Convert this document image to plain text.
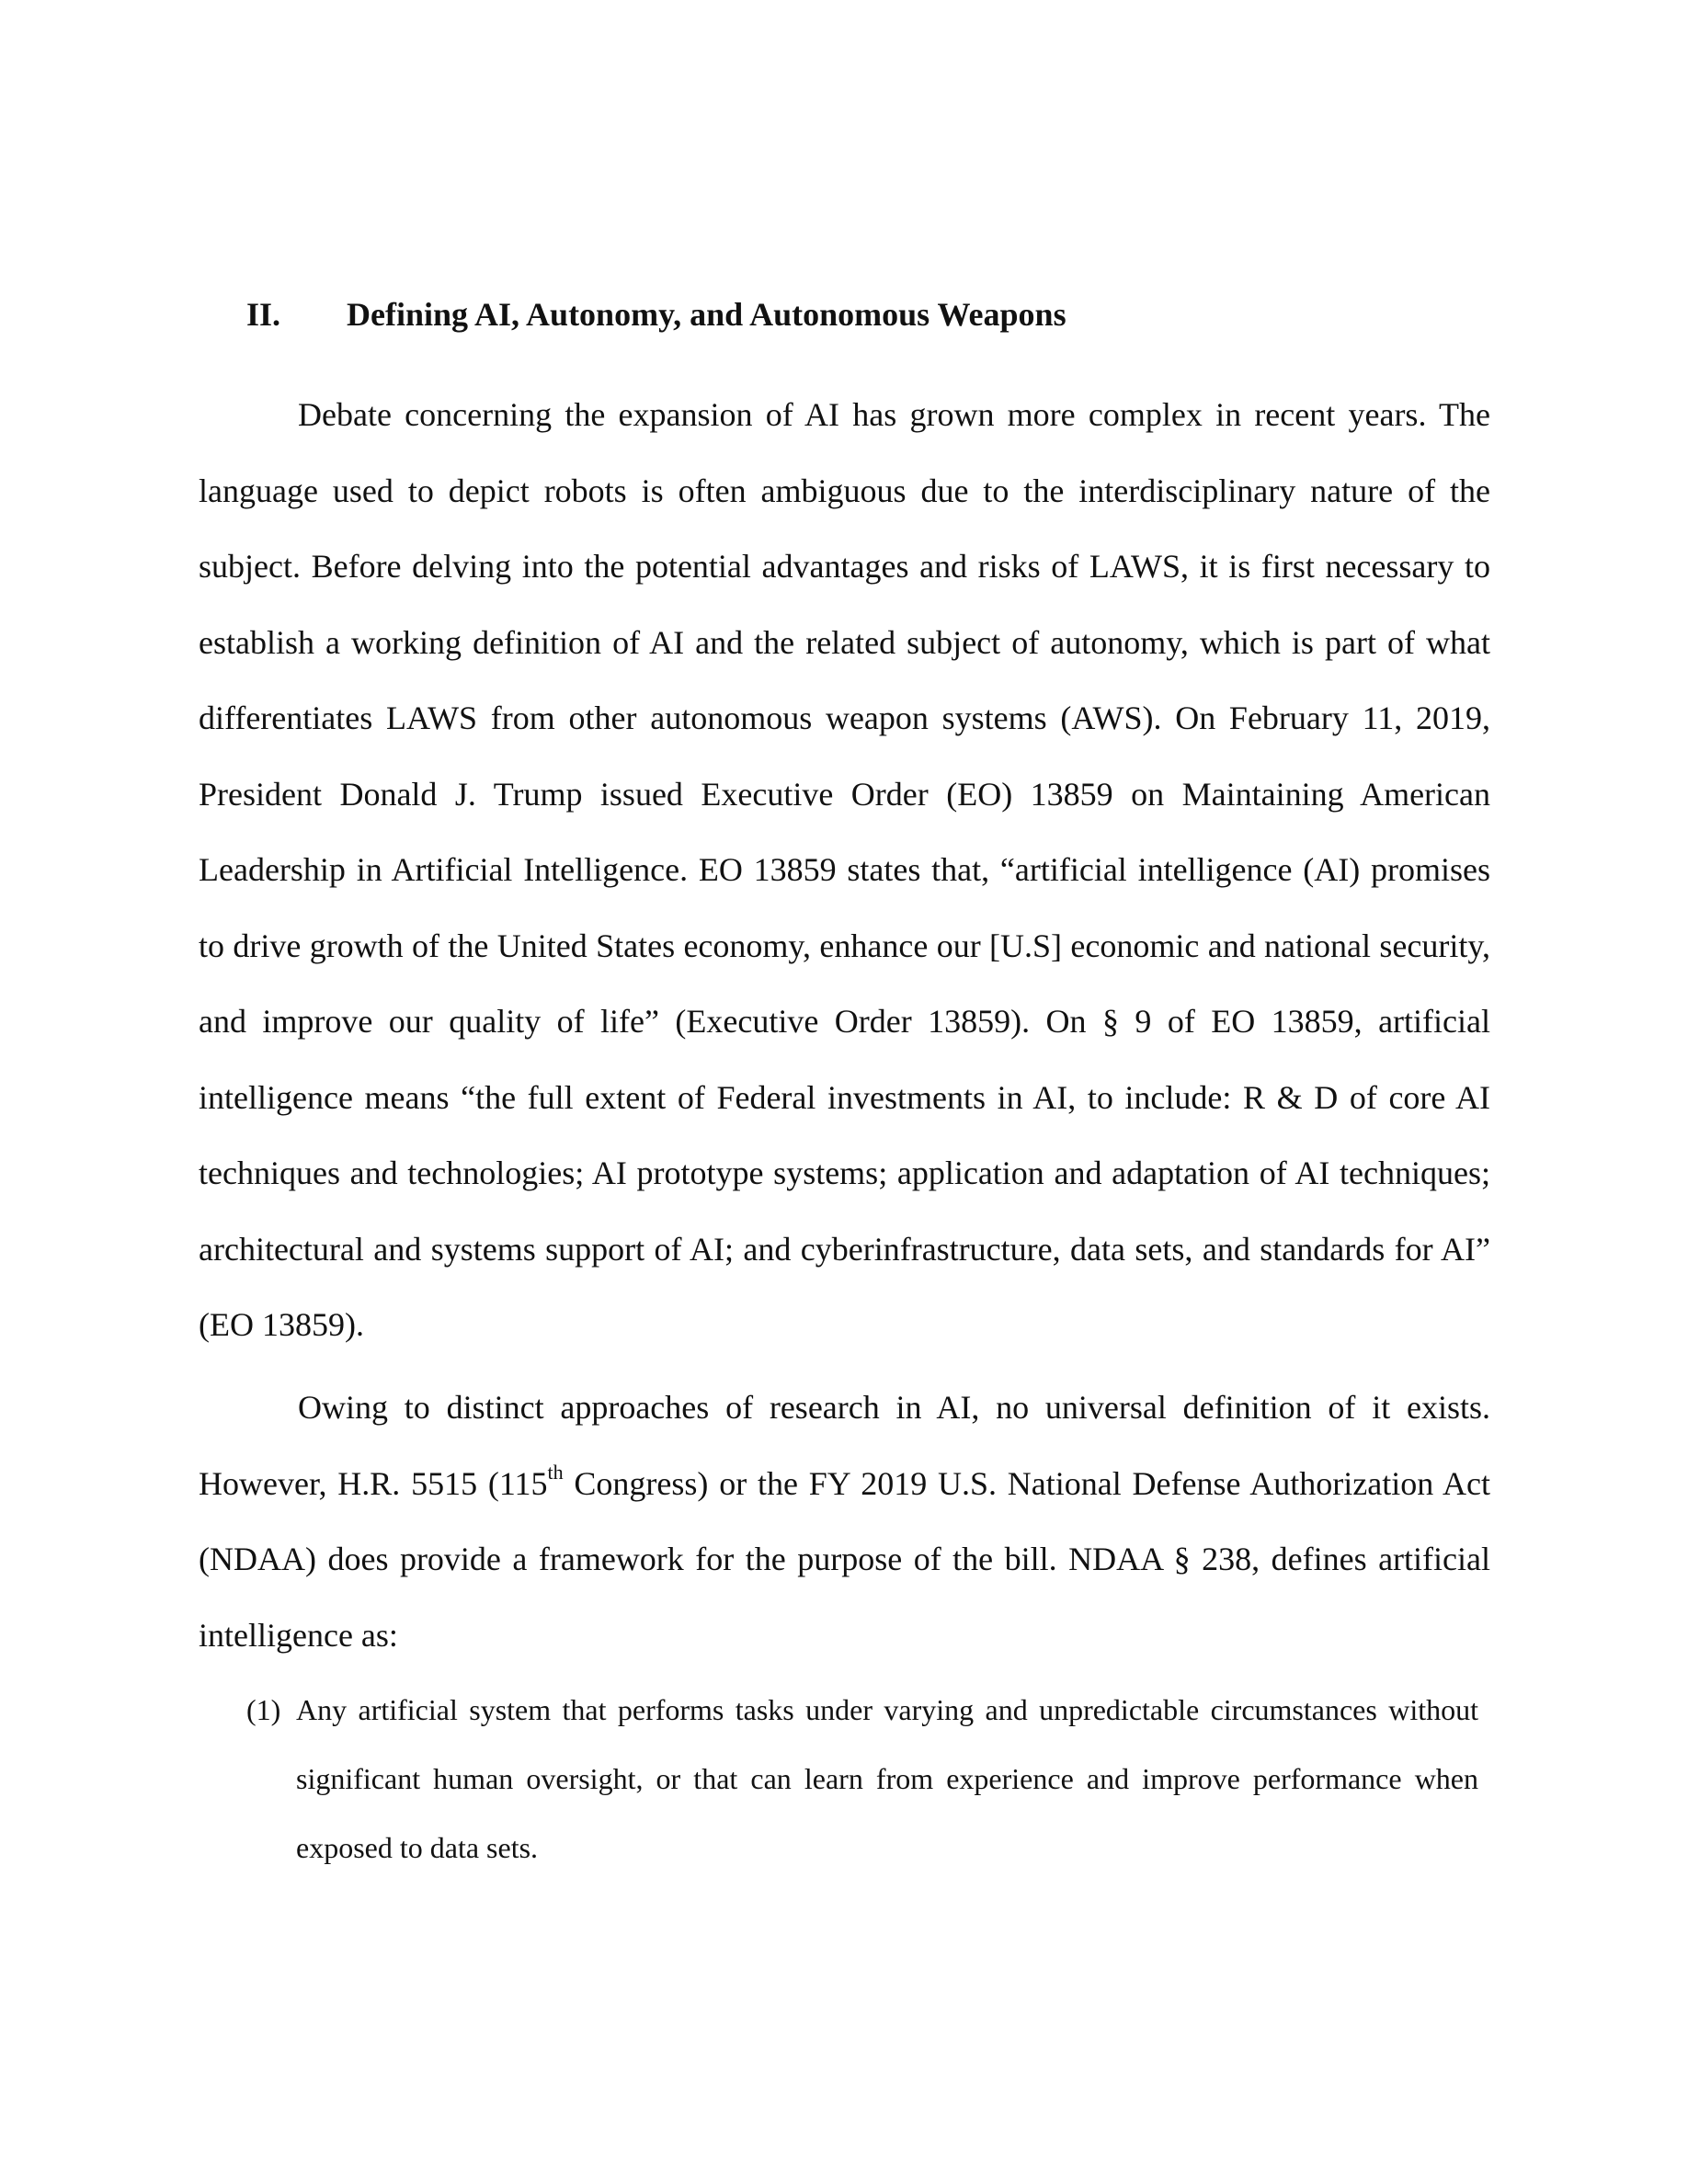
II. Defining AI, Autonomy, and Autonomous Weapons

Debate concerning the expansion of AI has grown more complex in recent years. The language used to depict robots is often ambiguous due to the interdisciplinary nature of the subject. Before delving into the potential advantages and risks of LAWS, it is first necessary to establish a working definition of AI and the related subject of autonomy, which is part of what differentiates LAWS from other autonomous weapon systems (AWS). On February 11, 2019, President Donald J. Trump issued Executive Order (EO) 13859 on Maintaining American Leadership in Artificial Intelligence. EO 13859 states that, “artificial intelligence (AI) promises to drive growth of the United States economy, enhance our [U.S] economic and national security, and improve our quality of life” (Executive Order 13859). On § 9 of EO 13859, artificial intelligence means “the full extent of Federal investments in AI, to include: R & D of core AI techniques and technologies; AI prototype systems; application and adaptation of AI techniques; architectural and systems support of AI; and cyberinfrastructure, data sets, and standards for AI” (EO 13859).

Owing to distinct approaches of research in AI, no universal definition of it exists. However, H.R. 5515 (115th Congress) or the FY 2019 U.S. National Defense Authorization Act (NDAA) does provide a framework for the purpose of the bill. NDAA § 238, defines artificial intelligence as:

(1) Any artificial system that performs tasks under varying and unpredictable circumstances without significant human oversight, or that can learn from experience and improve performance when exposed to data sets.
